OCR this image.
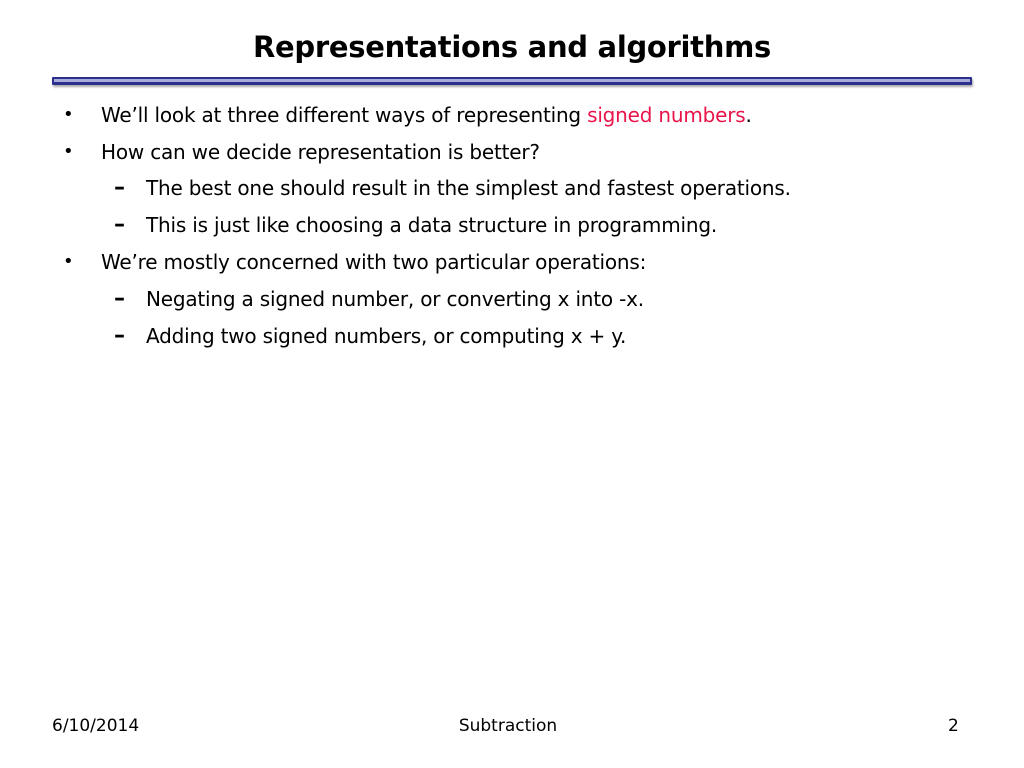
Representations and algorithms
• We’ll look at three different ways of representing signed numbers.
• How can we decide representation is better?
– The best one should result in the simplest and fastest operations.
– This is just like choosing a data structure in programming.
• We’re mostly concerned with two particular operations:
– Negating a signed number, or converting x into -x.
– Adding two signed numbers, or computing x + y.
6/10/2014	Subtraction	2
